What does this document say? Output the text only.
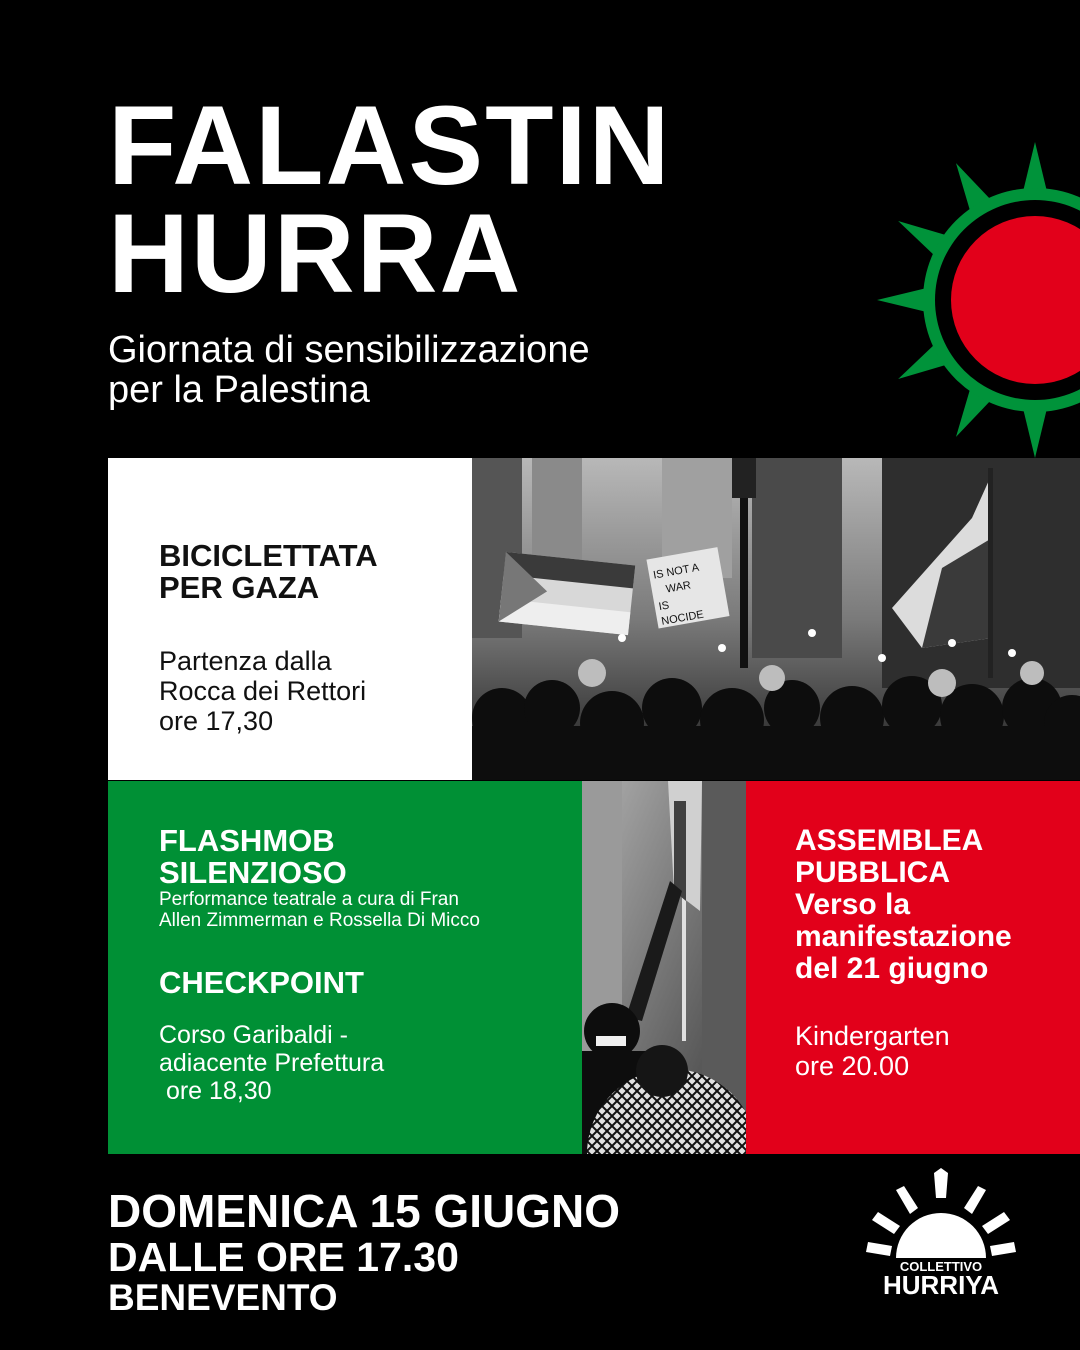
FALASTIN
HURRA

Giornata di sensibilizzazione
per la Palestina

BICICLETTATA
PER GAZA

Partenza dalla
Rocca dei Rettori
ore 17,30

IS NOT A
WAR
IS
NOCIDE

FLASHMOB
SILENZIOSO

Performance teatrale a cura di Fran
Allen Zimmerman e Rossella Di Micco

CHECKPOINT

Corso Garibaldi -
adiacente Prefettura
ore 18,30

ASSEMBLEA
PUBBLICA
Verso la
manifestazione
del 21 giugno

Kindergarten
ore 20.00

DOMENICA 15 GIUGNO
DALLE ORE 17.30
BENEVENTO
COLLETTIVO
HURRIYA
